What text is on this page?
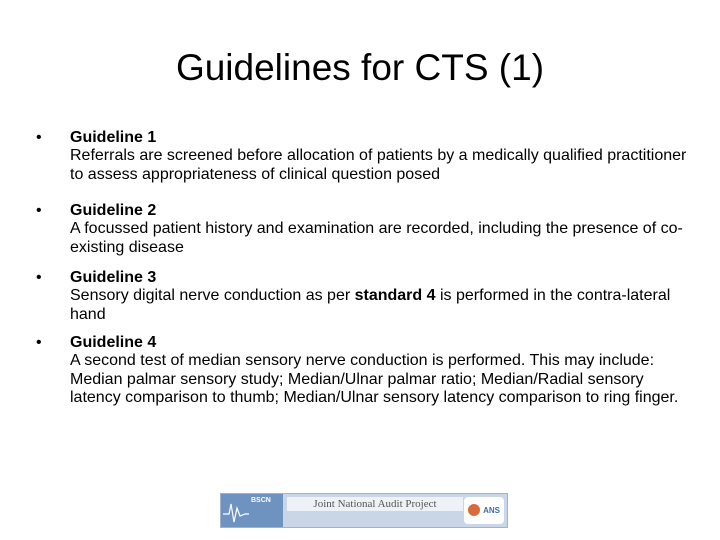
Guidelines for CTS (1)
• Guideline 1
Referrals are screened before allocation of patients by a medically qualified practitioner to assess appropriateness of clinical question posed
• Guideline 2
A focussed patient history and examination are recorded, including the presence of co-existing disease
• Guideline 3
Sensory digital nerve conduction as per standard 4 is performed in the contra-lateral hand
• Guideline 4
A second test of median sensory nerve conduction is performed. This may include: Median palmar sensory study; Median/Ulnar palmar ratio; Median/Radial sensory latency comparison to thumb; Median/Ulnar sensory latency comparison to ring finger.
BSCN	Joint National Audit Project
ANS
